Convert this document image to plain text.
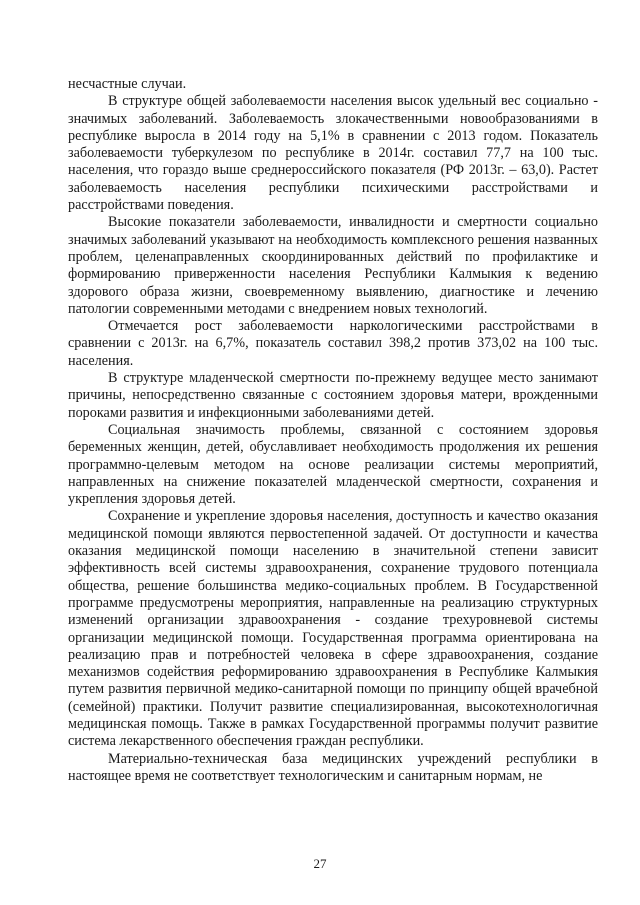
несчастные случаи.

В структуре общей заболеваемости населения высок удельный вес социально - значимых заболеваний. Заболеваемость злокачественными новообразованиями в республике выросла в 2014 году на 5,1% в сравнении с 2013 годом. Показатель заболеваемости туберкулезом по республике в 2014г. составил 77,7 на 100 тыс. населения, что гораздо выше среднероссийского показателя (РФ 2013г. – 63,0). Растет заболеваемость населения республики психическими расстройствами и расстройствами поведения.

Высокие показатели заболеваемости, инвалидности и смертности социально значимых заболеваний указывают на необходимость комплексного решения названных проблем, целенаправленных скоординированных действий по профилактике и формированию приверженности населения Республики Калмыкия к ведению здорового образа жизни, своевременному выявлению, диагностике и лечению патологии современными методами с внедрением новых технологий.

Отмечается рост заболеваемости наркологическими расстройствами в сравнении с 2013г. на 6,7%, показатель составил 398,2 против 373,02 на 100 тыс. населения.

В структуре младенческой смертности по-прежнему ведущее место занимают причины, непосредственно связанные с состоянием здоровья матери, врожденными пороками развития и инфекционными заболеваниями детей.

Социальная значимость проблемы, связанной с состоянием здоровья беременных женщин, детей, обуславливает необходимость продолжения их решения программно-целевым методом на основе реализации системы мероприятий, направленных на снижение показателей младенческой смертности, сохранения и укрепления здоровья детей.

Сохранение и укрепление здоровья населения, доступность и качество оказания медицинской помощи являются первостепенной задачей. От доступности и качества оказания медицинской помощи населению в значительной степени зависит эффективность всей системы здравоохранения, сохранение трудового потенциала общества, решение большинства медико-социальных проблем. В Государственной программе предусмотрены мероприятия, направленные на реализацию структурных изменений организации здравоохранения - создание трехуровневой системы организации медицинской помощи. Государственная программа ориентирована на реализацию прав и потребностей человека в сфере здравоохранения, создание механизмов содействия реформированию здравоохранения в Республике Калмыкия путем развития первичной медико-санитарной помощи по принципу общей врачебной (семейной) практики. Получит развитие специализированная, высокотехнологичная медицинская помощь. Также в рамках Государственной программы получит развитие система лекарственного обеспечения граждан республики.

Материально-техническая база медицинских учреждений республики в настоящее время не соответствует технологическим и санитарным нормам, не

27
